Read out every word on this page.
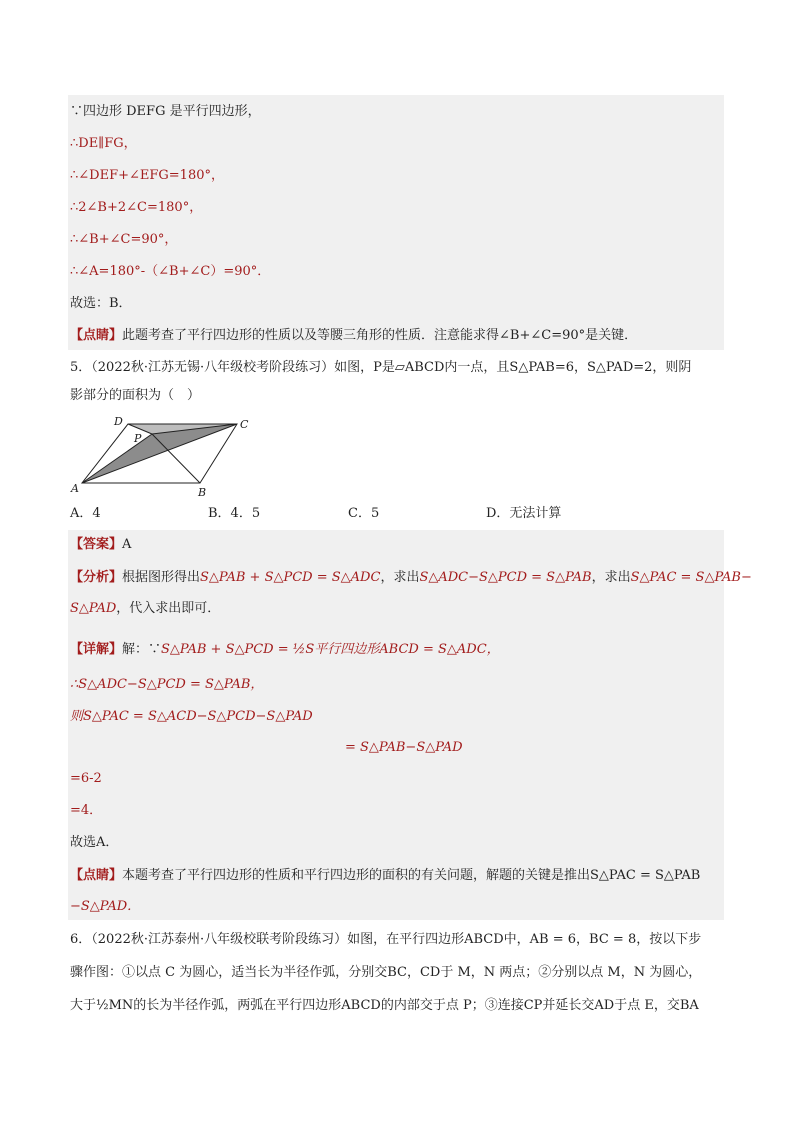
∵四边形 DEFG 是平行四边形，
∴DE∥FG，
∴∠DEF+∠EFG=180°，
∴2∠B+2∠C=180°，
∴∠B+∠C=90°，
∴∠A=180°-（∠B+∠C）=90°．
故选：B．
【点睛】此题考查了平行四边形的性质以及等腰三角形的性质．注意能求得∠B+∠C=90°是关键．
5．（2022秋·江苏无锡·八年级校考阶段练习）如图，P是▱ABCD内一点，且S△PAB=6，S△PAD=2，则阴
影部分的面积为（　）
D
P
C
A	B
A．4	B．4．5	C．5	D．无法计算
【答案】A
【分析】根据图形得出S△PAB + S△PCD = S△ADC，求出S△ADC−S△PCD = S△PAB，求出S△PAC = S△PAB−
S△PAD，代入求出即可．
【详解】解：∵S△PAB + S△PCD = ½S平行四边形ABCD = S△ADC，
∴S△ADC−S△PCD = S△PAB，
则S△PAC = S△ACD−S△PCD−S△PAD
= S△PAB−S△PAD
=6-2
=4．
故选A．
【点睛】本题考查了平行四边形的性质和平行四边形的面积的有关问题，解题的关键是推出S△PAC = S△PAB
−S△PAD．
6．（2022秋·江苏泰州·八年级校联考阶段练习）如图，在平行四边形ABCD中，AB = 6，BC = 8，按以下步
骤作图：①以点 C 为圆心，适当长为半径作弧，分别交BC，CD于 M，N 两点；②分别以点 M，N 为圆心，
大于½MN的长为半径作弧，两弧在平行四边形ABCD的内部交于点 P；③连接CP并延长交AD于点 E，交BA
